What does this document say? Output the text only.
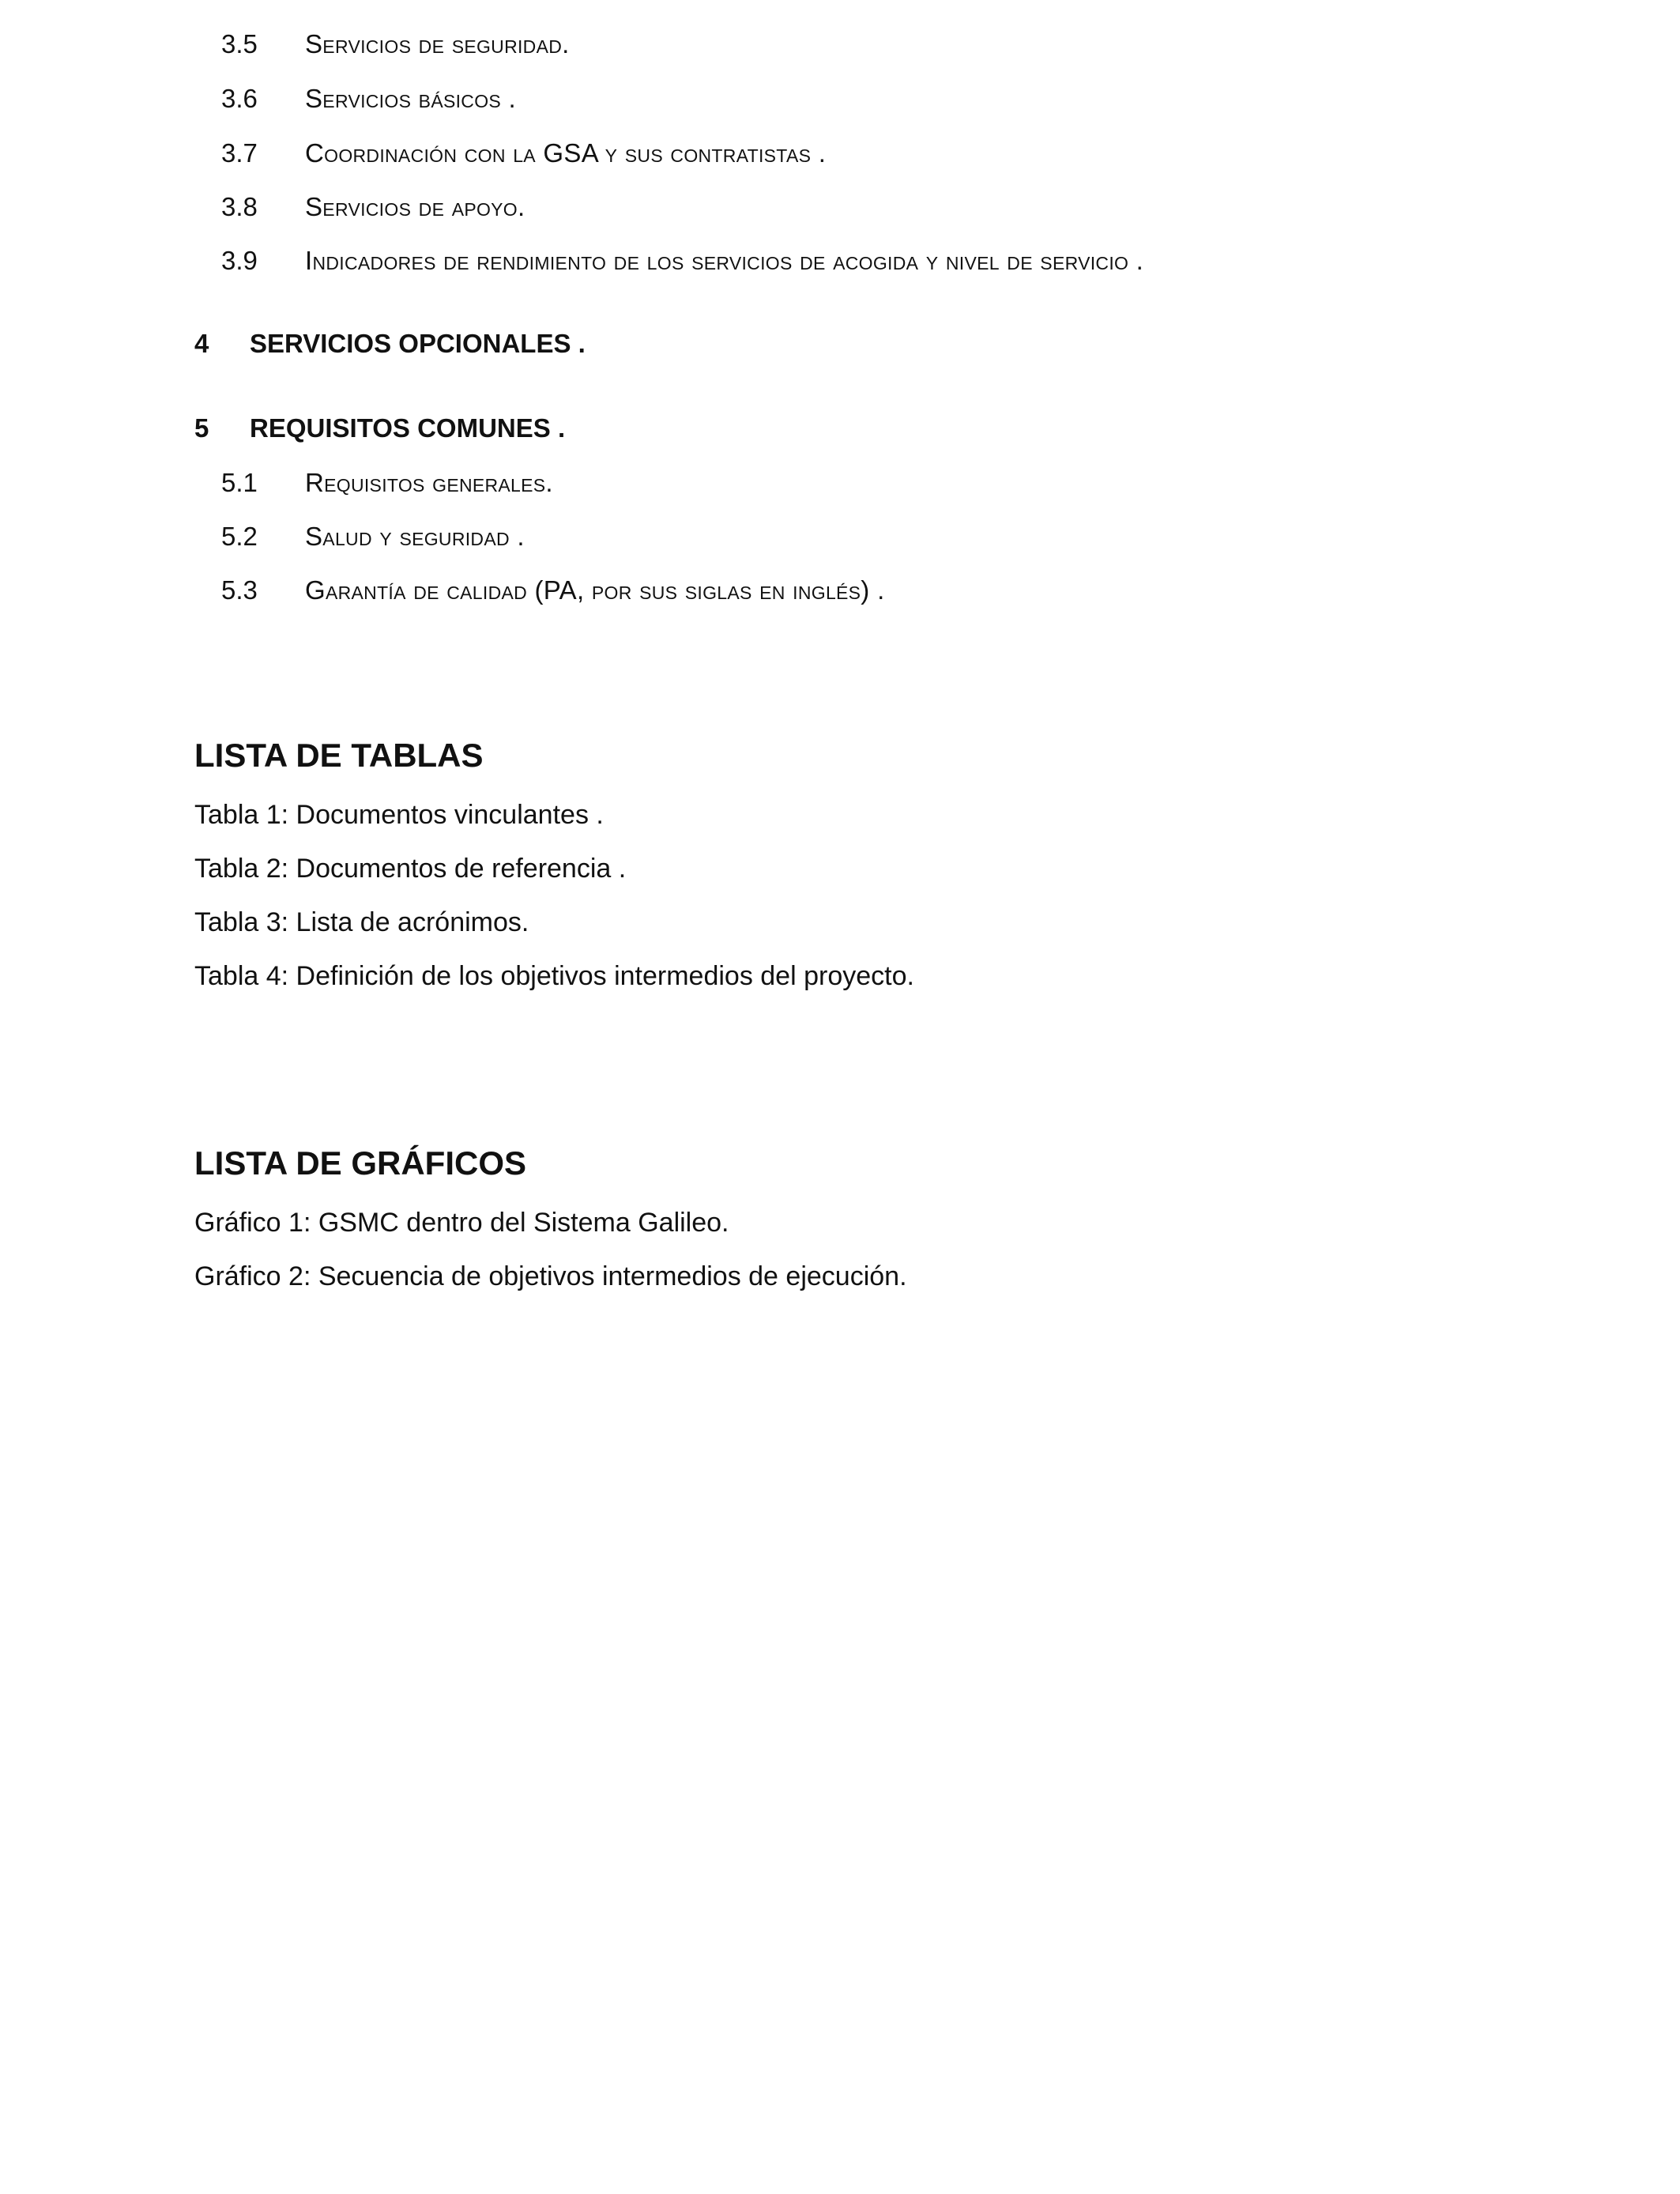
3.5	Servicios de seguridad.
3.6	Servicios básicos .
3.7	Coordinación con la GSA y sus contratistas .
3.8	Servicios de apoyo.
3.9	Indicadores de rendimiento de los servicios de acogida y nivel de servicio .
4	SERVICIOS OPCIONALES .
5	REQUISITOS COMUNES .
5.1	Requisitos generales.
5.2	Salud y seguridad .
5.3	Garantía de calidad (PA, por sus siglas en inglés) .
LISTA DE TABLAS
Tabla 1: Documentos vinculantes .
Tabla 2: Documentos de referencia .
Tabla 3: Lista de acrónimos.
Tabla 4: Definición de los objetivos intermedios del proyecto.
LISTA DE GRÁFICOS
Gráfico 1: GSMC dentro del Sistema Galileo.
Gráfico 2: Secuencia de objetivos intermedios de ejecución.
